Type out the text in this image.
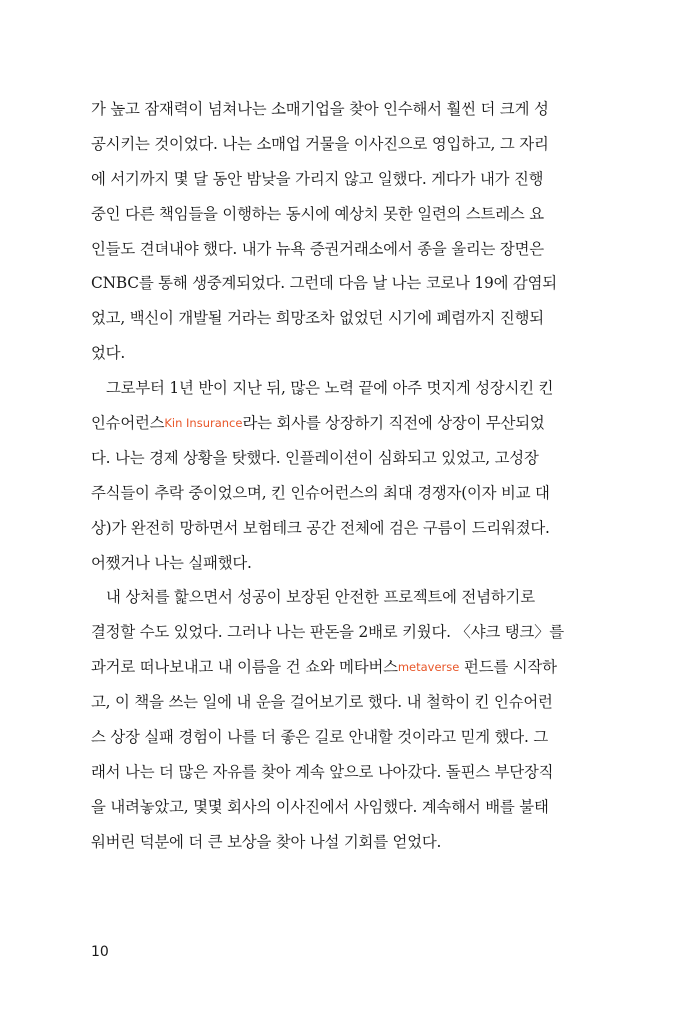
가 높고 잠재력이 넘쳐나는 소매기업을 찾아 인수해서 훨씬 더 크게 성
공시키는 것이었다. 나는 소매업 거물을 이사진으로 영입하고, 그 자리
에 서기까지 몇 달 동안 밤낮을 가리지 않고 일했다. 게다가 내가 진행
중인 다른 책임들을 이행하는 동시에 예상치 못한 일련의 스트레스 요
인들도 견뎌내야 했다. 내가 뉴욕 증권거래소에서 종을 울리는 장면은
CNBC를 통해 생중계되었다. 그런데 다음 날 나는 코로나 19에 감염되
었고, 백신이 개발될 거라는 희망조차 없었던 시기에 폐렴까지 진행되
었다.
그로부터 1년 반이 지난 뒤, 많은 노력 끝에 아주 멋지게 성장시킨 킨
인슈어런스Kin Insurance라는 회사를 상장하기 직전에 상장이 무산되었
다. 나는 경제 상황을 탓했다. 인플레이션이 심화되고 있었고, 고성장
주식들이 추락 중이었으며, 킨 인슈어런스의 최대 경쟁자(이자 비교 대
상)가 완전히 망하면서 보험테크 공간 전체에 검은 구름이 드리워졌다.
어쨌거나 나는 실패했다.
내 상처를 핥으면서 성공이 보장된 안전한 프로젝트에 전념하기로
결정할 수도 있었다. 그러나 나는 판돈을 2배로 키웠다. 〈샤크 탱크〉를
과거로 떠나보내고 내 이름을 건 쇼와 메타버스metaverse 펀드를 시작하
고, 이 책을 쓰는 일에 내 운을 걸어보기로 했다. 내 철학이 킨 인슈어런
스 상장 실패 경험이 나를 더 좋은 길로 안내할 것이라고 믿게 했다. 그
래서 나는 더 많은 자유를 찾아 계속 앞으로 나아갔다. 돌핀스 부단장직
을 내려놓았고, 몇몇 회사의 이사진에서 사임했다. 계속해서 배를 불태
워버린 덕분에 더 큰 보상을 찾아 나설 기회를 얻었다.
10
